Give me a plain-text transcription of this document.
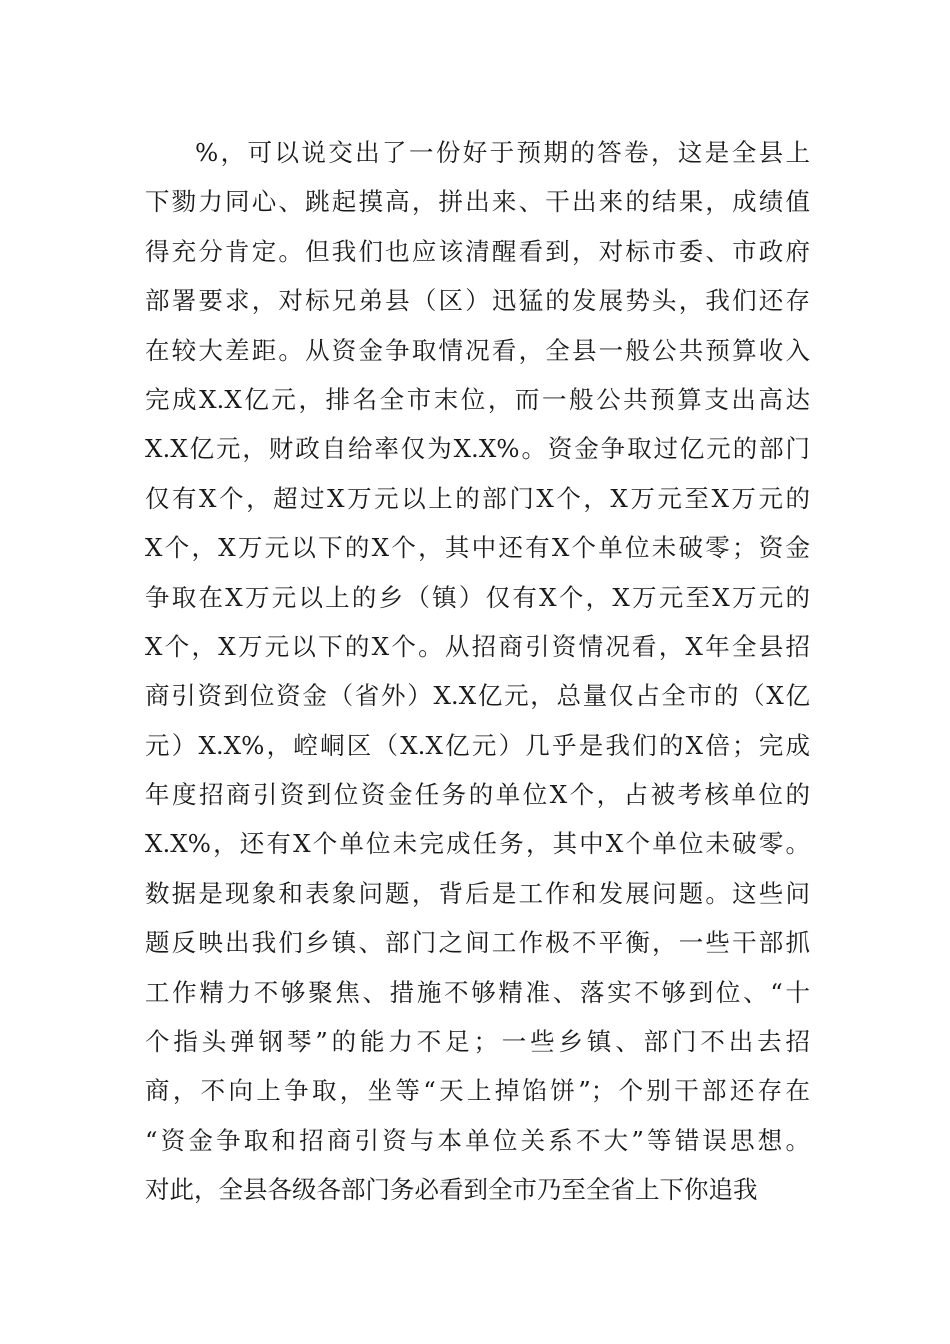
%，可以说交出了一份好于预期的答卷，这是全县上
下勠力同心、跳起摸高，拼出来、干出来的结果，成绩值
得充分肯定。但我们也应该清醒看到，对标市委、市政府
部署要求，对标兄弟县（区）迅猛的发展势头，我们还存
在较大差距。从资金争取情况看，全县一般公共预算收入
完成X.X亿元，排名全市末位，而一般公共预算支出高达
X.X亿元，财政自给率仅为X.X%。资金争取过亿元的部门
仅有X个，超过X万元以上的部门X个，X万元至X万元的
X个，X万元以下的X个，其中还有X个单位未破零；资金
争取在X万元以上的乡（镇）仅有X个，X万元至X万元的
X个，X万元以下的X个。从招商引资情况看，X年全县招
商引资到位资金（省外）X.X亿元，总量仅占全市的（X亿
元）X.X%，崆峒区（X.X亿元）几乎是我们的X倍；完成
年度招商引资到位资金任务的单位X个，占被考核单位的
X.X%，还有X个单位未完成任务，其中X个单位未破零。
数据是现象和表象问题，背后是工作和发展问题。这些问
题反映出我们乡镇、部门之间工作极不平衡，一些干部抓
工作精力不够聚焦、措施不够精准、落实不够到位、“十
个指头弹钢琴”的能力不足；一些乡镇、部门不出去招
商，不向上争取，坐等“天上掉馅饼”；个别干部还存在
“资金争取和招商引资与本单位关系不大”等错误思想。
对此，全县各级各部门务必看到全市乃至全省上下你追我
